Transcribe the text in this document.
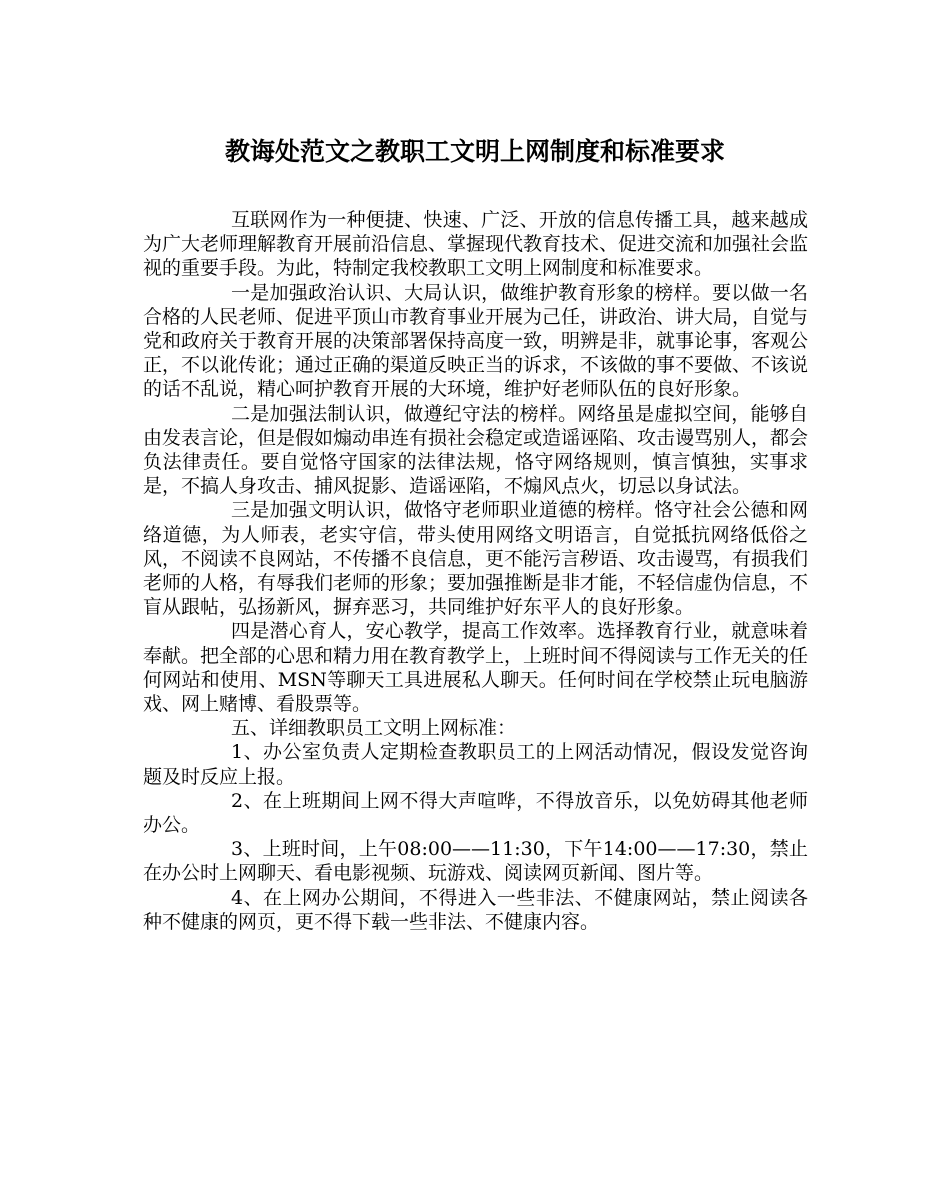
教诲处范文之教职工文明上网制度和标准要求

互联网作为一种便捷、快速、广泛、开放的信息传播工具，越来越成为广大老师理解教育开展前沿信息、掌握现代教育技术、促进交流和加强社会监视的重要手段。为此，特制定我校教职工文明上网制度和标准要求。

一是加强政治认识、大局认识，做维护教育形象的榜样。要以做一名合格的人民老师、促进平顶山市教育事业开展为己任，讲政治、讲大局，自觉与党和政府关于教育开展的决策部署保持高度一致，明辨是非，就事论事，客观公正，不以讹传讹；通过正确的渠道反映正当的诉求，不该做的事不要做、不该说的话不乱说，精心呵护教育开展的大环境，维护好老师队伍的良好形象。

二是加强法制认识，做遵纪守法的榜样。网络虽是虚拟空间，能够自由发表言论，但是假如煽动串连有损社会稳定或造谣诬陷、攻击谩骂别人，都会负法律责任。要自觉恪守国家的法律法规，恪守网络规则，慎言慎独，实事求是，不搞人身攻击、捕风捉影、造谣诬陷，不煽风点火，切忌以身试法。

三是加强文明认识，做恪守老师职业道德的榜样。恪守社会公德和网络道德，为人师表，老实守信，带头使用网络文明语言，自觉抵抗网络低俗之风，不阅读不良网站，不传播不良信息，更不能污言秽语、攻击谩骂，有损我们老师的人格，有辱我们老师的形象；要加强推断是非才能，不轻信虚伪信息，不盲从跟帖，弘扬新风，摒弃恶习，共同维护好东平人的良好形象。

四是潜心育人，安心教学，提高工作效率。选择教育行业，就意味着奉献。把全部的心思和精力用在教育教学上，上班时间不得阅读与工作无关的任何网站和使用、MSN等聊天工具进展私人聊天。任何时间在学校禁止玩电脑游戏、网上赌博、看股票等。

五、详细教职员工文明上网标准：

1、办公室负责人定期检查教职员工的上网活动情况，假设发觉咨询题及时反应上报。

2、在上班期间上网不得大声喧哗，不得放音乐，以免妨碍其他老师办公。

3、上班时间，上午08:00——11:30，下午14:00——17:30，禁止在办公时上网聊天、看电影视频、玩游戏、阅读网页新闻、图片等。

4、在上网办公期间，不得进入一些非法、不健康网站，禁止阅读各种不健康的网页，更不得下载一些非法、不健康内容。
